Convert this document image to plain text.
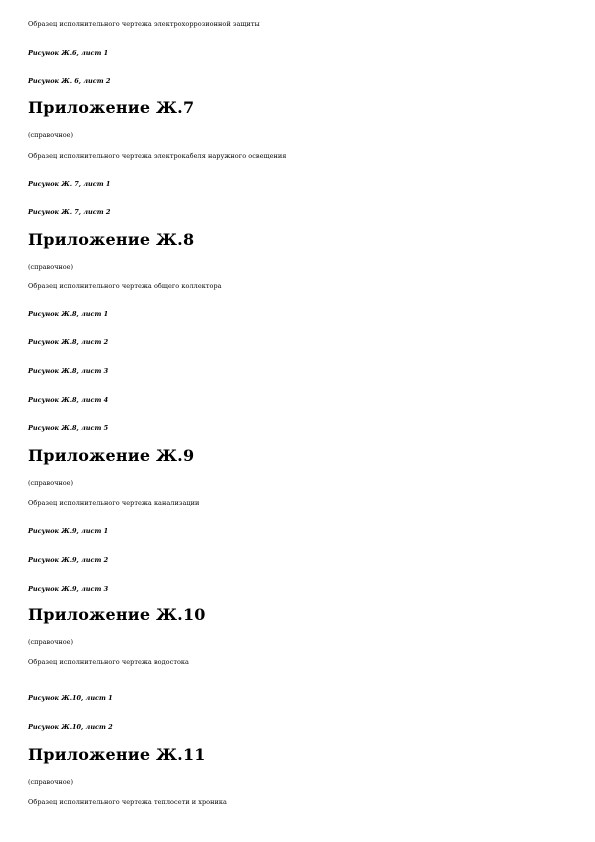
Образец исполнительного чертежа электрохоррозионной защиты
Рисунок Ж.6, лист 1
Рисунок Ж. 6, лист 2
Приложение Ж.7
(справочное)
Образец исполнительного чертежа электрокабеля наружного освещения
Рисунок Ж. 7, лист 1
Рисунок Ж. 7, лист 2
Приложение Ж.8
(справочное)
Образец исполнительного чертежа общего коллектора
Рисунок Ж.8, лист 1
Рисунок Ж.8, лист 2
Рисунок Ж.8, лист 3
Рисунок Ж.8, лист 4
Рисунок Ж.8, лист 5
Приложение Ж.9
(справочное)
Образец исполнительного чертежа канализации
Рисунок Ж.9, лист 1
Рисунок Ж.9, лист 2
Рисунок Ж.9, лист 3
Приложение Ж.10
(справочное)
Образец исполнительного чертежа водостока
Рисунок Ж.10, лист 1
Рисунок Ж.10, лист 2
Приложение Ж.11
(справочное)
Образец исполнительного чертежа теплосети и хроника
